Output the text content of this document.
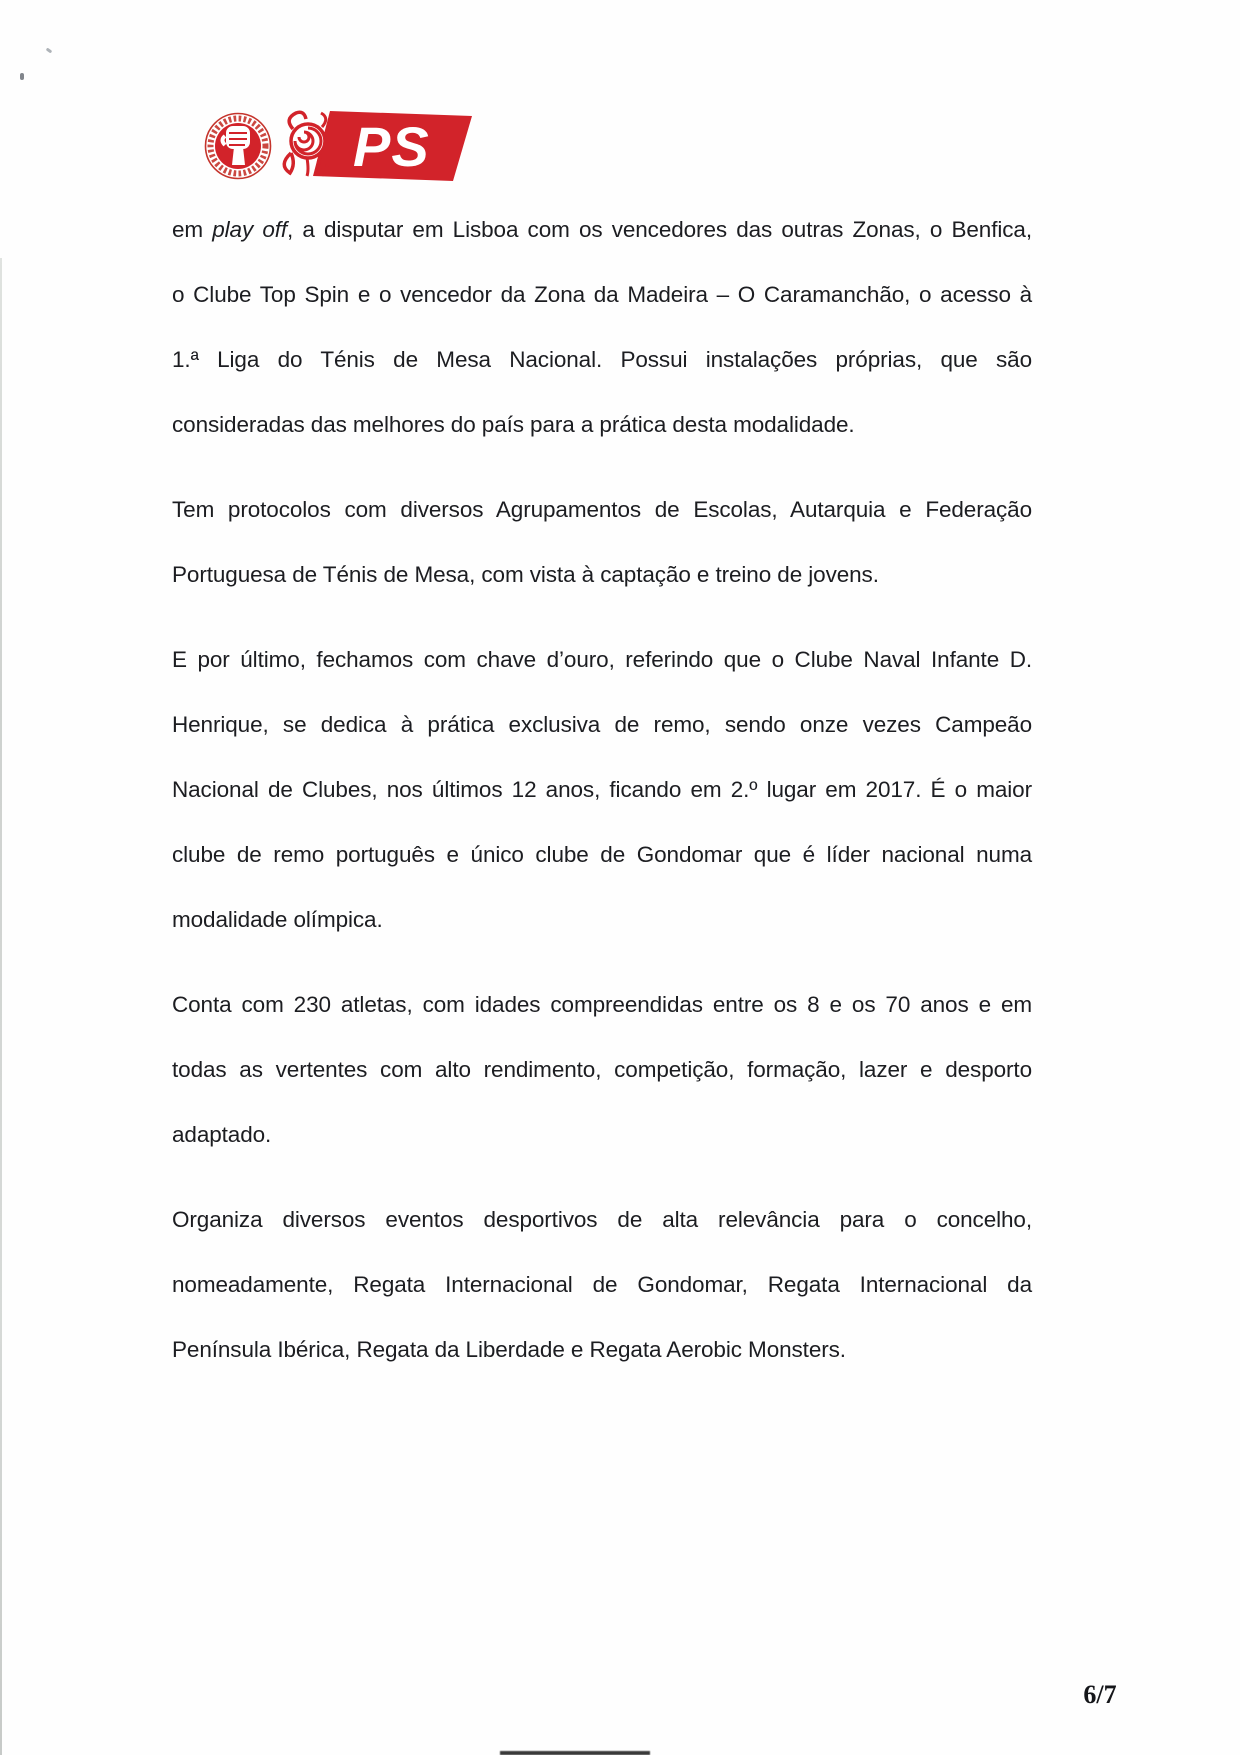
PS
em play off, a disputar em Lisboa com os vencedores das outras Zonas, o Benfica,
o Clube Top Spin e o vencedor da Zona da Madeira – O Caramanchão, o acesso à
1.ª Liga do Ténis de Mesa Nacional. Possui instalações próprias, que são
consideradas das melhores do país para a prática desta modalidade.
Tem protocolos com diversos Agrupamentos de Escolas, Autarquia e Federação
Portuguesa de Ténis de Mesa, com vista à captação e treino de jovens.
E por último, fechamos com chave d’ouro, referindo que o Clube Naval Infante D.
Henrique, se dedica à prática exclusiva de remo, sendo onze vezes Campeão
Nacional de Clubes, nos últimos 12 anos, ficando em 2.º lugar em 2017. É o maior
clube de remo português e único clube de Gondomar que é líder nacional numa
modalidade olímpica.
Conta com 230 atletas, com idades compreendidas entre os 8 e os 70 anos e em
todas as vertentes com alto rendimento, competição, formação, lazer e desporto
adaptado.
Organiza diversos eventos desportivos de alta relevância para o concelho,
nomeadamente, Regata Internacional de Gondomar, Regata Internacional da
Península Ibérica, Regata da Liberdade e Regata Aerobic Monsters.
6/7
